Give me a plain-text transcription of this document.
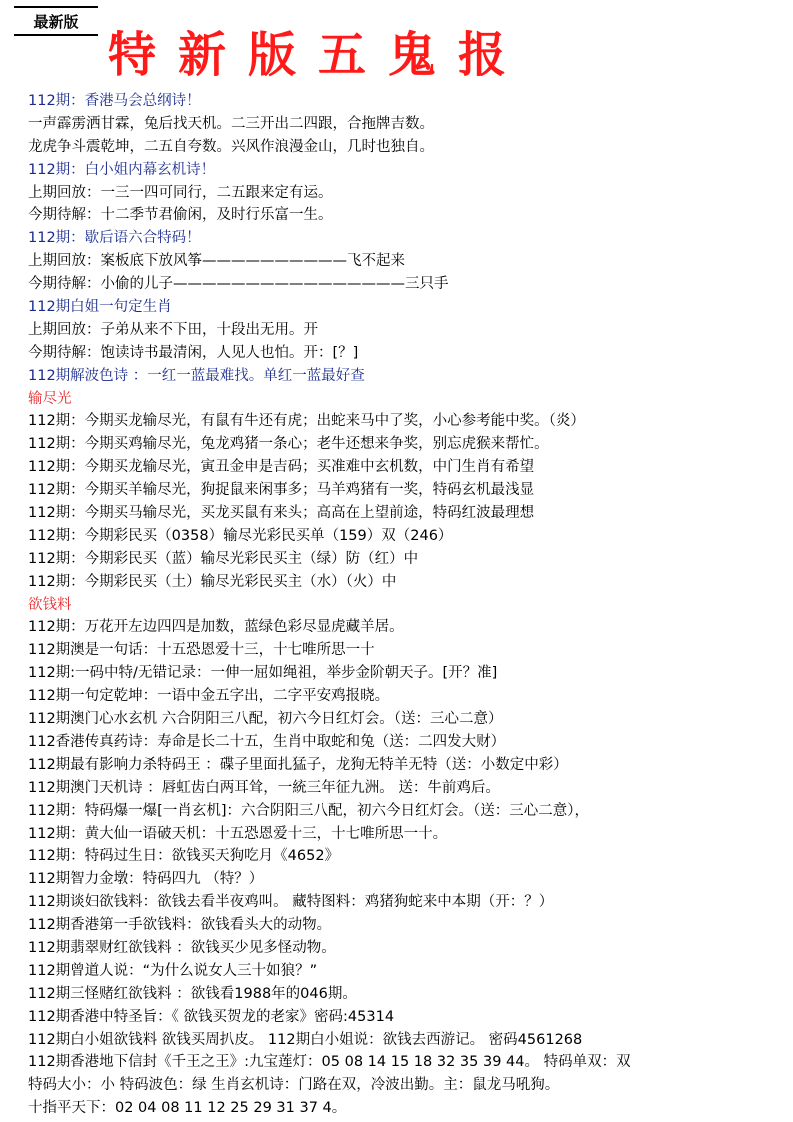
最新版
特新版五鬼报
112期：香港马会总纲诗！
一声霹雳洒甘霖，兔后找天机。二三开出二四跟，合拖牌吉数。
龙虎争斗震乾坤，二五自夸数。兴风作浪漫金山，几时也独自。
112期：白小姐内幕玄机诗！
上期回放：一三一四可同行，二五跟来定有运。
今期待解：十二季节君偷闲，及时行乐富一生。
112期：歇后语六合特码！
上期回放：案板底下放风筝——————————飞不起来
今期待解：小偷的儿子————————————————三只手
112期白姐一句定生肖
上期回放：子弟从来不下田，十段出无用。开
今期待解：饱读诗书最清闲，人见人也怕。开：[？]
112期解波色诗 ：一红一蓝最难找。单红一蓝最好查
输尽光
112期：今期买龙输尽光，有鼠有牛还有虎；出蛇来马中了奖，小心参考能中奖。（炎）
112期：今期买鸡输尽光，兔龙鸡猪一条心；老牛还想来争奖，别忘虎猴来帮忙。
112期：今期买龙输尽光，寅丑金申是吉码；买准难中玄机数，中门生肖有希望
112期：今期买羊输尽光，狗捉鼠来闲事多；马羊鸡猪有一奖，特码玄机最浅显
112期：今期买马输尽光，买龙买鼠有来头；高高在上望前途，特码红波最理想
112期：今期彩民买（0358）输尽光彩民买单（159）双（246）
112期：今期彩民买（蓝）输尽光彩民买主（绿）防（红）中
112期：今期彩民买（土）输尽光彩民买主（水）（火）中
欲钱料
112期：万花开左边四四是加数，蓝绿色彩尽显虎藏羊居。
112期澳是一句话：十五恐恩爱十三，十七唯所思一十
112期:一码中特/无错记录：一伸一屈如绳祖，举步金阶朝天子。[开？准]
112期一句定乾坤：一语中金五字出，二字平安鸡报晓。
112期澳门心水玄机 六合阴阳三八配，初六今日红灯会。（送：三心二意）
112香港传真药诗：寿命是长二十五，生肖中取蛇和兔（送：二四发大财）
112期最有影响力杀特码王 ：碟子里面扎猛子，龙狗无特羊无特（送：小数定中彩）
112期澳门天机诗 ：唇虹齿白两耳耸，一統三年征九洲。 送：牛前鸡后。
112期：特码爆一爆[一肖玄机]：六合阴阳三八配，初六今日红灯会。（送：三心二意），
112期：黄大仙一语破天机：十五恐恩爱十三，十七唯所思一十。
112期：特码过生日：欲钱买天狗吃月《4652》
112期智力金墩：特码四九 （特？）
112期谈妇欲钱料：欲钱去看半夜鸡叫。 藏特图料：鸡猪狗蛇来中本期（开：？）
112期香港第一手欲钱料：欲钱看头大的动物。
112期翡翠财红欲钱料 ：欲钱买少见多怪动物。
112期曾道人说：“为什么说女人三十如狼？”
112期三怪赌红欲钱料 ：欲钱看1988年的046期。
112期香港中特圣旨：《 欲钱买贺龙的老家》密码:45314
112期白小姐欲钱料 欲钱买周扒皮。 112期白小姐说：欲钱去西游记。 密码4561268
112期香港地下信封《千王之王》:九宝莲灯：05 08 14 15 18 32 35 39 44。 特码单双：双
特码大小：小 特码波色：绿 生肖玄机诗：门路在双，冷波出勤。主：鼠龙马吼狗。
十指平天下：02 04 08 11 12 25 29 31 37 4。
